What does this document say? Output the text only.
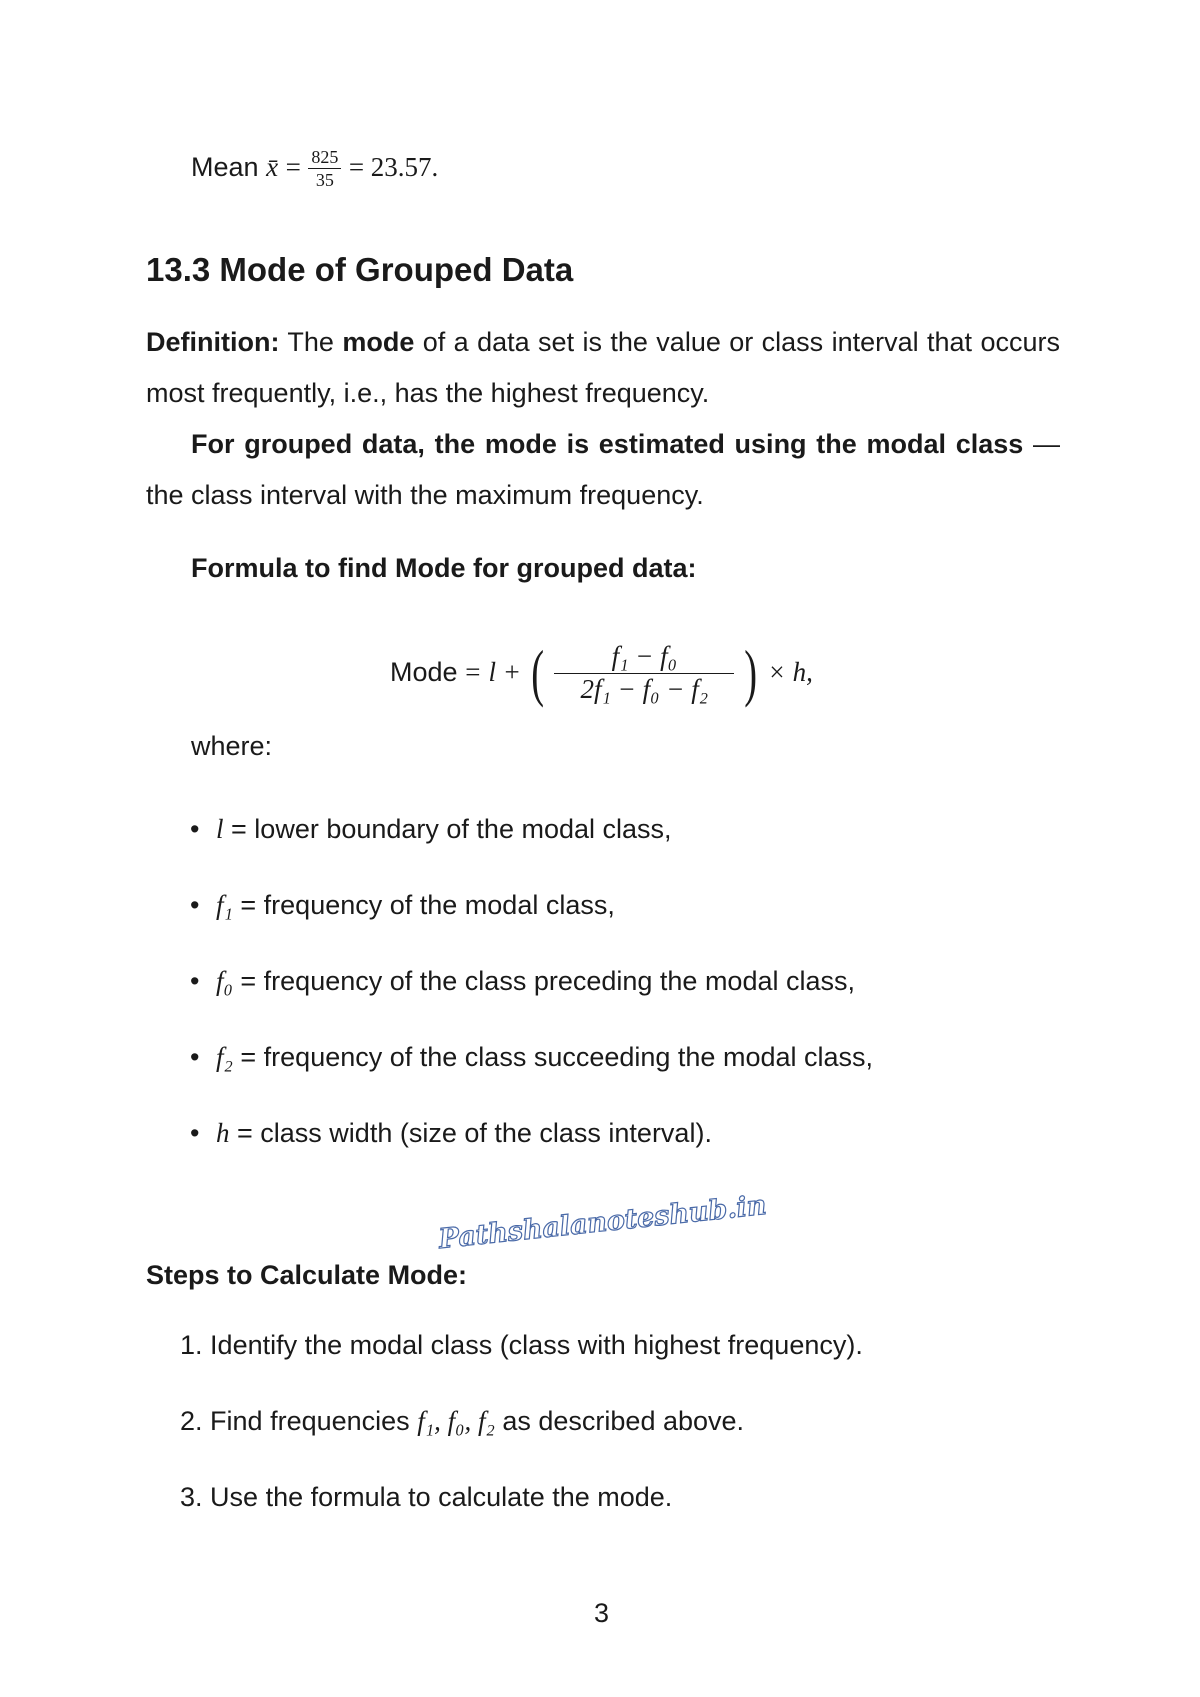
Mean x̄ = $\frac{825}{35} = 23.57$.
13.3 Mode of Grouped Data

Definition: The mode of a data set is the value or class interval that occurs most frequently, i.e., has the highest frequency.

For grouped data, the mode is estimated using the modal class — the class interval with the maximum frequency.

Formula to find Mode for grouped data:
Mode = l + ( $\frac{\text{f₁ − f₀}}{\text{2f₁ − f₀ − f₂}}$ ) × h,
where:
• l = lower boundary of the modal class,
• f₁ = frequency of the modal class,
• f₀ = frequency of the class preceding the modal class,
• f₂ = frequency of the class succeeding the modal class,
• h = class width (size of the class interval).
Pathshalanoteshub.in
Steps to Calculate Mode:
1. Identify the modal class (class with highest frequency).
2. Find frequencies f₁, f₀, f₂ as described above.
3. Use the formula to calculate the mode.
3
